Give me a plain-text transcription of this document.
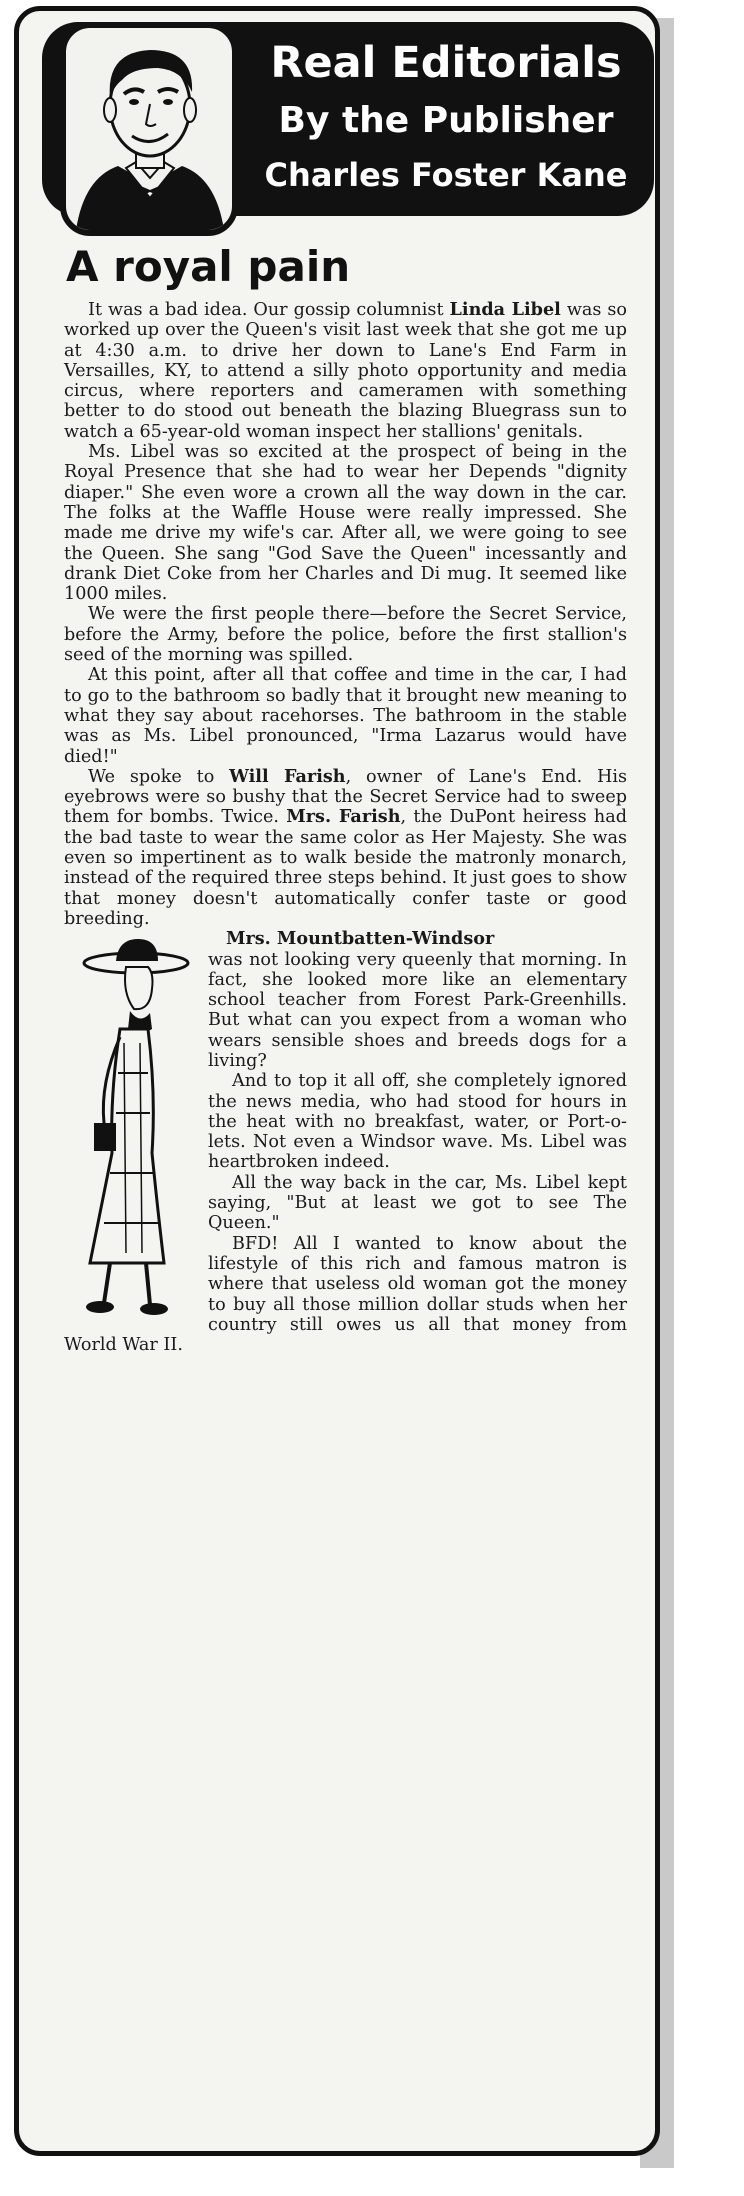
Real Editorials
By the Publisher
Charles Foster Kane
A royal pain

It was a bad idea. Our gossip columnist Linda Libel was so worked up over the Queen's visit last week that she got me up at 4:30 a.m. to drive her down to Lane's End Farm in Versailles, KY, to attend a silly photo opportunity and media circus, where reporters and cameramen with something better to do stood out beneath the blazing Bluegrass sun to watch a 65-year-old woman inspect her stallions' genitals.

Ms. Libel was so excited at the prospect of being in the Royal Presence that she had to wear her Depends "dignity diaper." She even wore a crown all the way down in the car. The folks at the Waffle House were really impressed. She made me drive my wife's car. After all, we were going to see the Queen. She sang "God Save the Queen" incessantly and drank Diet Coke from her Charles and Di mug. It seemed like 1000 miles.

We were the first people there—before the Secret Service, before the Army, before the police, before the first stallion's seed of the morning was spilled.

At this point, after all that coffee and time in the car, I had to go to the bathroom so badly that it brought new meaning to what they say about racehorses. The bathroom in the stable was as Ms. Libel pronounced, "Irma Lazarus would have died!"

We spoke to Will Farish, owner of Lane's End. His eyebrows were so bushy that the Secret Service had to sweep them for bombs. Twice. Mrs. Farish, the DuPont heiress had the bad taste to wear the same color as Her Majesty. She was even so impertinent as to walk beside the matronly monarch, instead of the required three steps behind. It just goes to show that money doesn't automatically confer taste or good breeding.

Mrs. Mountbatten-Windsor
was not looking very queenly that morning. In fact, she looked more like an elementary school teacher from Forest Park-Greenhills. But what can you expect from a woman who wears sensible shoes and breeds dogs for a living?

And to top it all off, she completely ignored the news media, who had stood for hours in the heat with no breakfast, water, or Port-o-lets. Not even a Windsor wave. Ms. Libel was heartbroken indeed.

All the way back in the car, Ms. Libel kept saying, "But at least we got to see The Queen."

BFD! All I wanted to know about the lifestyle of this rich and famous matron is where that useless old woman got the money to buy all those million dollar studs when her country still owes us all that money from World War II.
